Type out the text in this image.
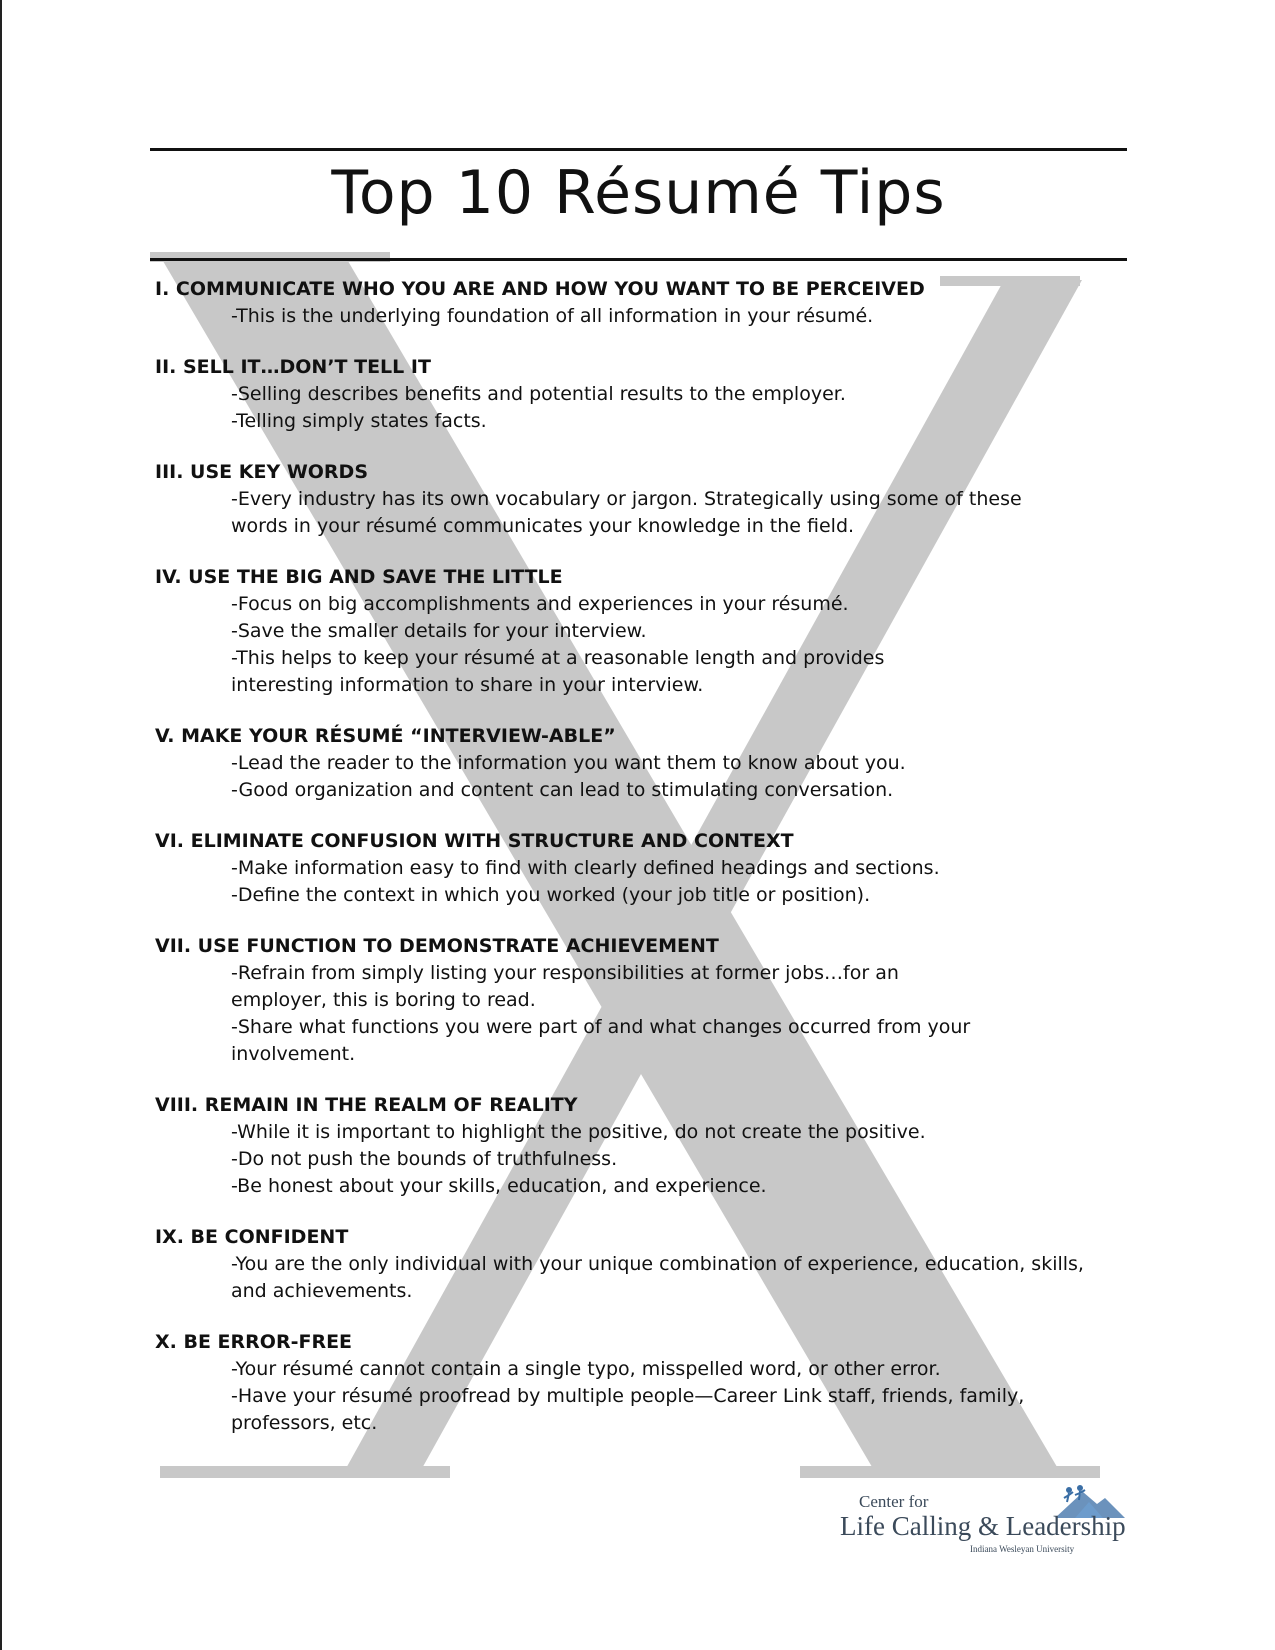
Top 10 Résumé Tips

I. COMMUNICATE WHO YOU ARE AND HOW YOU WANT TO BE PERCEIVED

-This is the underlying foundation of all information in your résumé.

II. SELL IT…DON’T TELL IT

-Selling describes benefits and potential results to the employer.

-Telling simply states facts.

III. USE KEY WORDS

-Every industry has its own vocabulary or jargon. Strategically using some of these

words in your résumé communicates your knowledge in the field.

IV. USE THE BIG AND SAVE THE LITTLE

-Focus on big accomplishments and experiences in your résumé.

-Save the smaller details for your interview.

-This helps to keep your résumé at a reasonable length and provides

interesting information to share in your interview.

V. MAKE YOUR RÉSUMÉ “INTERVIEW-ABLE”

-Lead the reader to the information you want them to know about you.

-Good organization and content can lead to stimulating conversation.

VI. ELIMINATE CONFUSION WITH STRUCTURE AND CONTEXT

-Make information easy to find with clearly defined headings and sections.

-Define the context in which you worked (your job title or position).

VII. USE FUNCTION TO DEMONSTRATE ACHIEVEMENT

-Refrain from simply listing your responsibilities at former jobs…for an

employer, this is boring to read.

-Share what functions you were part of and what changes occurred from your

involvement.

VIII. REMAIN IN THE REALM OF REALITY

-While it is important to highlight the positive, do not create the positive.

-Do not push the bounds of truthfulness.

-Be honest about your skills, education, and experience.

IX. BE CONFIDENT

-You are the only individual with your unique combination of experience, education, skills,

and achievements.

X. BE ERROR-FREE

-Your résumé cannot contain a single typo, misspelled word, or other error.

-Have your résumé proofread by multiple people—Career Link staff, friends, family,

professors, etc.

Center for
Life Calling & Leadership
Indiana Wesleyan University
